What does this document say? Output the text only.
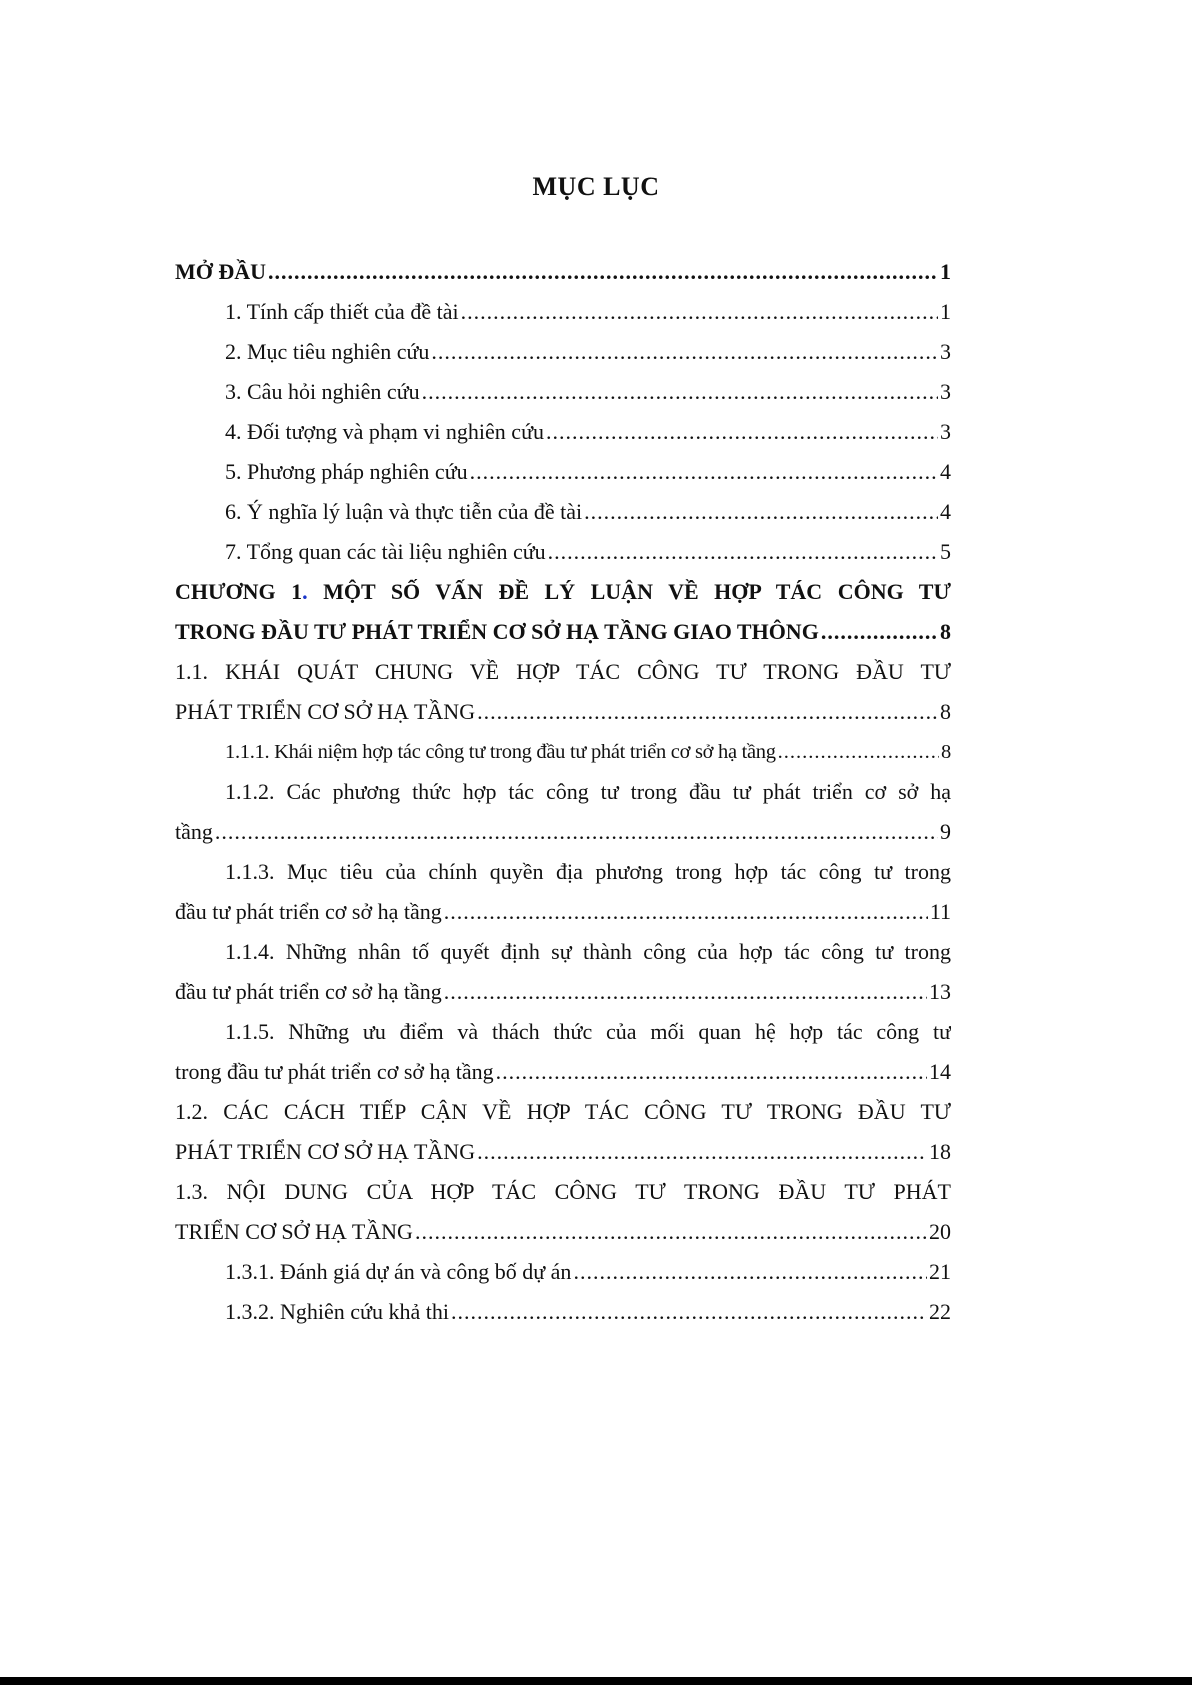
MỤC LỤC
MỞ ĐẦU .....	1
1. Tính cấp thiết của đề tài .....	1
2. Mục tiêu nghiên cứu .....	3
3. Câu hỏi nghiên cứu .....	3
4. Đối tượng và phạm vi nghiên cứu .....	3
5. Phương pháp nghiên cứu .....	4
6. Ý nghĩa lý luận và thực tiễn của đề tài .....	4
7. Tổng quan các tài liệu nghiên cứu .....	5
CHƯƠNG 1. MỘT SỐ VẤN ĐỀ LÝ LUẬN VỀ HỢP TÁC CÔNG TƯ
TRONG ĐẦU TƯ PHÁT TRIỂN CƠ SỞ HẠ TẦNG GIAO THÔNG .....	8
1.1. KHÁI QUÁT CHUNG VỀ HỢP TÁC CÔNG TƯ TRONG ĐẦU TƯ
PHÁT TRIỂN CƠ SỞ HẠ TẦNG .....	8
1.1.1. Khái niệm hợp tác công tư trong đầu tư phát triển cơ sở hạ tầng .....	8
1.1.2. Các phương thức hợp tác công tư trong đầu tư phát triển cơ sở hạ
tầng .....	9
1.1.3. Mục tiêu của chính quyền địa phương trong hợp tác công tư trong
đầu tư phát triển cơ sở hạ tầng .....	11
1.1.4. Những nhân tố quyết định sự thành công của hợp tác công tư trong
đầu tư phát triển cơ sở hạ tầng .....	13
1.1.5. Những ưu điểm và thách thức của mối quan hệ hợp tác công tư
trong đầu tư phát triển cơ sở hạ tầng .....	14
1.2. CÁC CÁCH TIẾP CẬN VỀ HỢP TÁC CÔNG TƯ TRONG ĐẦU TƯ
PHÁT TRIỂN CƠ SỞ HẠ TẦNG .....	18
1.3. NỘI DUNG CỦA HỢP TÁC CÔNG TƯ TRONG ĐẦU TƯ PHÁT
TRIỂN CƠ SỞ HẠ TẦNG .....	20
1.3.1. Đánh giá dự án và công bố dự án .....	21
1.3.2. Nghiên cứu khả thi .....	22
